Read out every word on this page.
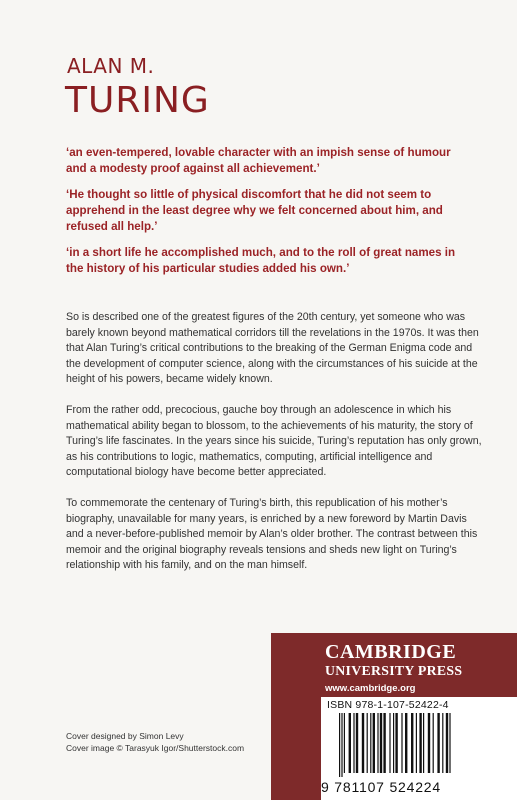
ALAN M.
TURING

‘an even-tempered, lovable character with an impish sense of humour and a modesty proof against all achievement.’

‘He thought so little of physical discomfort that he did not seem to apprehend in the least degree why we felt concerned about him, and refused all help.’

‘in a short life he accomplished much, and to the roll of great names in the history of his particular studies added his own.’

So is described one of the greatest figures of the 20th century, yet someone who was barely known beyond mathematical corridors till the revelations in the 1970s. It was then that Alan Turing’s critical contributions to the breaking of the German Enigma code and the development of computer science, along with the circumstances of his suicide at the height of his powers, became widely known.

From the rather odd, precocious, gauche boy through an adolescence in which his mathematical ability began to blossom, to the achievements of his maturity, the story of Turing’s life fascinates. In the years since his suicide, Turing’s reputation has only grown, as his contributions to logic, mathematics, computing, artificial intelligence and computational biology have become better appreciated.

To commemorate the centenary of Turing’s birth, this republication of his mother’s biography, unavailable for many years, is enriched by a new foreword by Martin Davis and a never-before-published memoir by Alan’s older brother. The contrast between this memoir and the original biography reveals tensions and sheds new light on Turing’s relationship with his family, and on the man himself.

Cover designed by Simon Levy
Cover image © Tarasyuk Igor/Shutterstock.com
CAMBRIDGE
UNIVERSITY PRESS
www.cambridge.org
ISBN 978-1-107-52422-4
9 781107 524224
